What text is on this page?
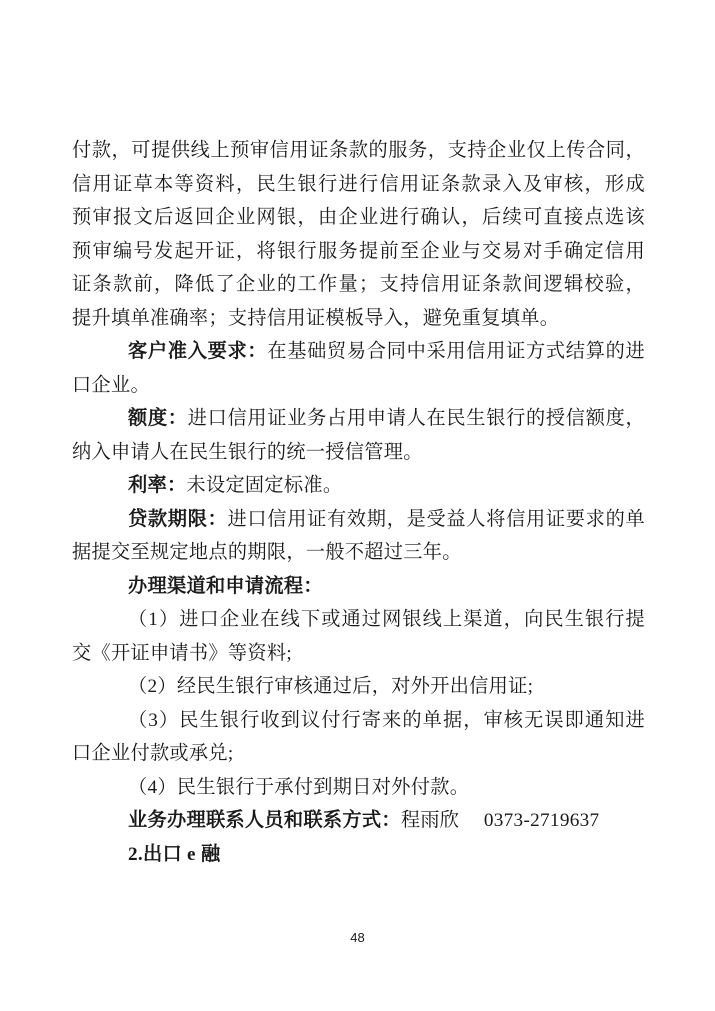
付款，可提供线上预审信用证条款的服务，支持企业仅上传合同，
信用证草本等资料，民生银行进行信用证条款录入及审核，形成
预审报文后返回企业网银，由企业进行确认，后续可直接点选该
预审编号发起开证，将银行服务提前至企业与交易对手确定信用
证条款前，降低了企业的工作量；支持信用证条款间逻辑校验，
提升填单准确率；支持信用证模板导入，避免重复填单。
客户准入要求：在基础贸易合同中采用信用证方式结算的进
口企业。
额度：进口信用证业务占用申请人在民生银行的授信额度，
纳入申请人在民生银行的统一授信管理。
利率：未设定固定标准。
贷款期限：进口信用证有效期，是受益人将信用证要求的单
据提交至规定地点的期限，一般不超过三年。
办理渠道和申请流程：
（1）进口企业在线下或通过网银线上渠道，向民生银行提
交《开证申请书》等资料;
（2）经民生银行审核通过后，对外开出信用证;
（3）民生银行收到议付行寄来的单据，审核无误即通知进
口企业付款或承兑;
（4）民生银行于承付到期日对外付款。
业务办理联系人员和联系方式：程雨欣　 0373-2719637
2.出口 e 融
48
